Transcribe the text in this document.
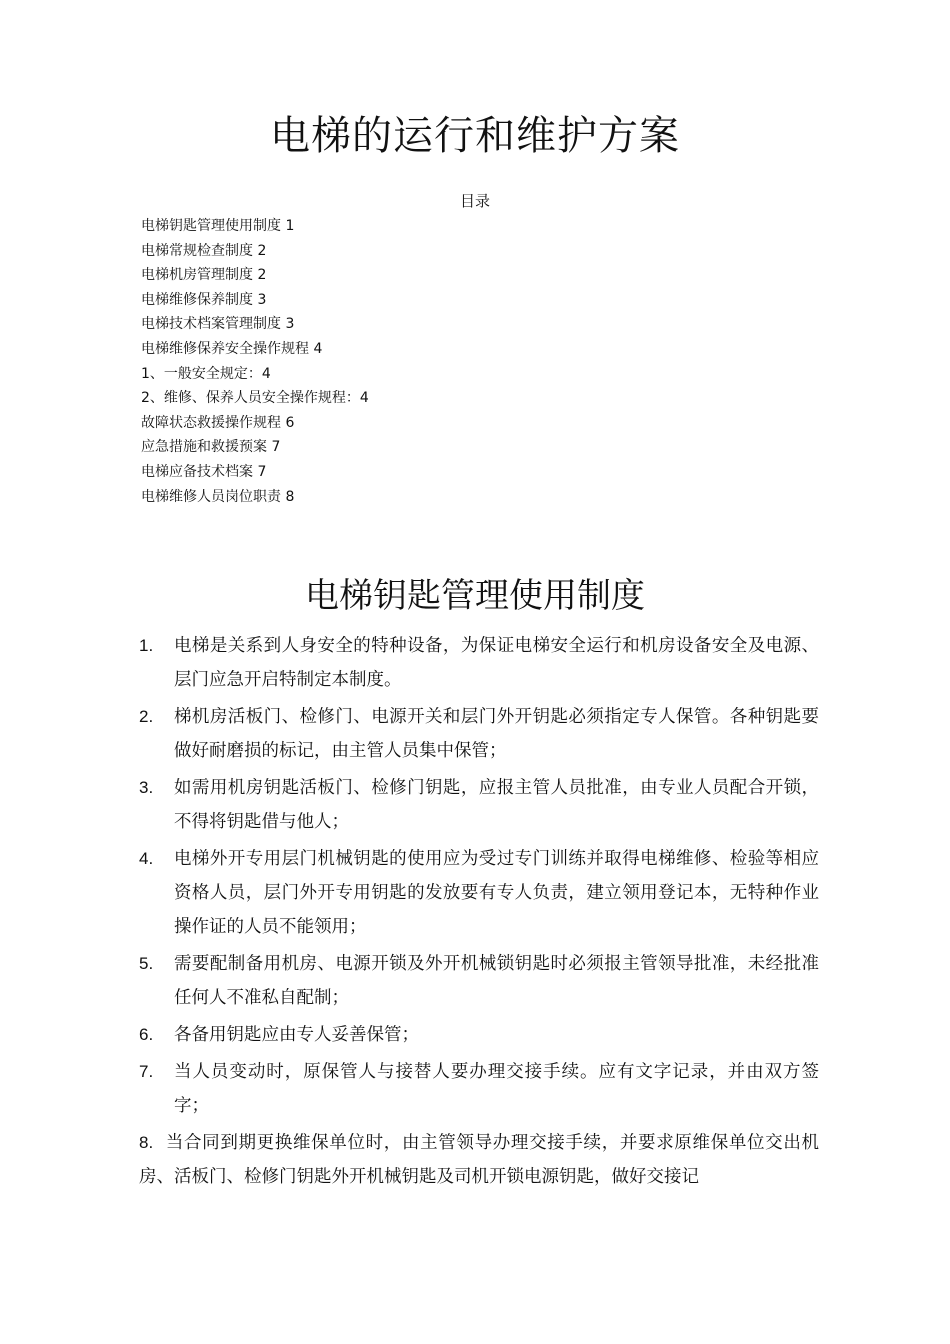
电梯的运行和维护方案
目录
电梯钥匙管理使用制度 1
电梯常规检查制度 2
电梯机房管理制度 2
电梯维修保养制度 3
电梯技术档案管理制度 3
电梯维修保养安全操作规程 4
1、一般安全规定：4
2、维修、保养人员安全操作规程：4
故障状态救援操作规程 6
应急措施和救援预案 7
电梯应备技术档案 7
电梯维修人员岗位职责 8
电梯钥匙管理使用制度
1. 电梯是关系到人身安全的特种设备，为保证电梯安全运行和机房设备安全及电源、层门应急开启特制定本制度。
2. 梯机房活板门、检修门、电源开关和层门外开钥匙必须指定专人保管。各种钥匙要做好耐磨损的标记，由主管人员集中保管；
3. 如需用机房钥匙活板门、检修门钥匙，应报主管人员批准，由专业人员配合开锁，不得将钥匙借与他人；
4. 电梯外开专用层门机械钥匙的使用应为受过专门训练并取得电梯维修、检验等相应资格人员，层门外开专用钥匙的发放要有专人负责，建立领用登记本，无特种作业操作证的人员不能领用；
5. 需要配制备用机房、电源开锁及外开机械锁钥匙时必须报主管领导批准，未经批准任何人不准私自配制；
6. 各备用钥匙应由专人妥善保管；
7. 当人员变动时，原保管人与接替人要办理交接手续。应有文字记录，并由双方签字；
8. 当合同到期更换维保单位时，由主管领导办理交接手续，并要求原维保单位交出机房、活板门、检修门钥匙外开机械钥匙及司机开锁电源钥匙，做好交接记
